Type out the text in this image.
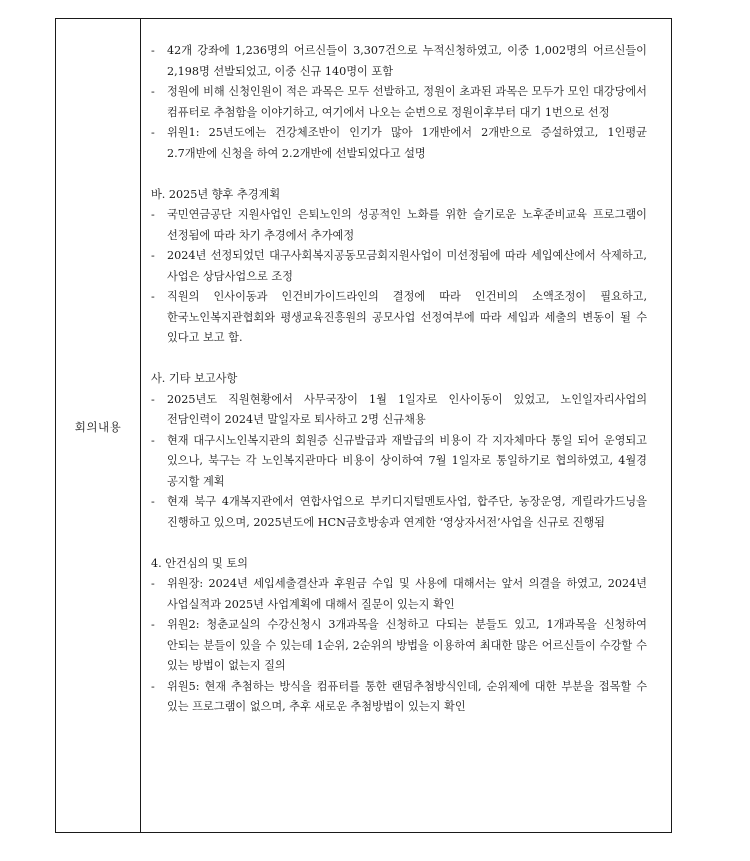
회의내용
-	42개 강좌에 1,236명의 어르신들이 3,307건으로 누적신청하였고, 이중 1,002명의 어르신들이 2,198명 선발되었고, 이중 신규 140명이 포함
-	정원에 비해 신청인원이 적은 과목은 모두 선발하고, 정원이 초과된 과목은 모두가 모인 대강당에서 컴퓨터로 추첨함을 이야기하고, 여기에서 나오는 순번으로 정원이후부터 대기 1번으로 선정
-	위원1: 25년도에는 건강체조반이 인기가 많아 1개반에서 2개반으로 증설하였고, 1인평균 2.7개반에 신청을 하여 2.2개반에 선발되었다고 설명

바. 2025년 향후 추경계획

-	국민연금공단 지원사업인 은퇴노인의 성공적인 노화를 위한 슬기로운 노후준비교육 프로그램이 선정됨에 따라 차기 추경에서 추가예정
-	2024년 선정되었던 대구사회복지공동모금회지원사업이 미선정됨에 따라 세입예산에서 삭제하고, 사업은 상담사업으로 조정
-	직원의 인사이동과 인건비가이드라인의 결정에 따라 인건비의 소액조정이 필요하고, 한국노인복지관협회와 평생교육진흥원의 공모사업 선정여부에 따라 세입과 세출의 변동이 될 수 있다고 보고 함.

사. 기타 보고사항

-	2025년도 직원현황에서 사무국장이 1월 1일자로 인사이동이 있었고, 노인일자리사업의 전담인력이 2024년 말일자로 퇴사하고 2명 신규채용
-	현재 대구시노인복지관의 회원증 신규발급과 재발급의 비용이 각 지자체마다 통일 되어 운영되고 있으나, 북구는 각 노인복지관마다 비용이 상이하여 7월 1일자로 통일하기로 협의하였고, 4월경 공지할 계획
-	현재 북구 4개복지관에서 연합사업으로 부키디지털멘토사업, 합주단, 농장운영, 게릴라가드닝을 진행하고 있으며, 2025년도에 HCN금호방송과 연계한 ‘영상자서전’사업을 신규로 진행됨

4. 안건심의 및 토의

-	위원장: 2024년 세입세출결산과 후원금 수입 및 사용에 대해서는 앞서 의결을 하였고, 2024년 사업실적과 2025년 사업계획에 대해서 질문이 있는지 확인
-	위원2: 청춘교실의 수강신청시 3개과목을 신청하고 다되는 분들도 있고, 1개과목을 신청하여 안되는 분들이 있을 수 있는데 1순위, 2순위의 방법을 이용하여 최대한 많은 어르신들이 수강할 수 있는 방법이 없는지 질의
-	위원5: 현재 추첨하는 방식을 컴퓨터를 통한 랜덤추첨방식인데, 순위제에 대한 부분을 접목할 수 있는 프로그램이 없으며, 추후 새로운 추첨방법이 있는지 확인
